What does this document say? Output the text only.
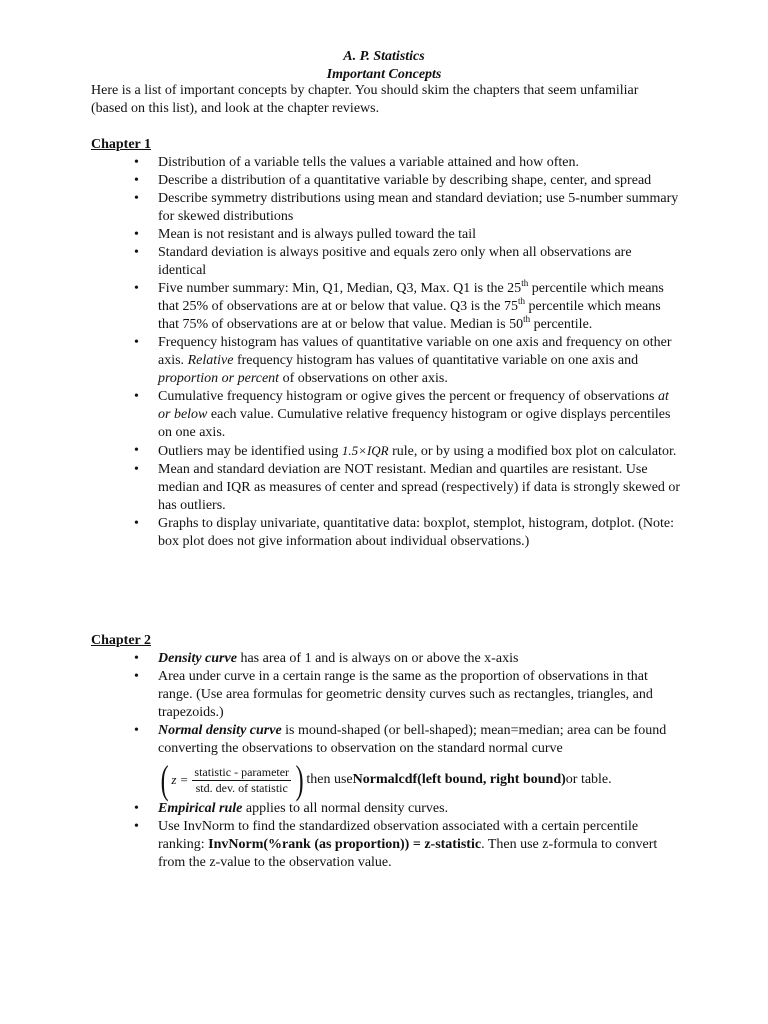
A. P. Statistics
Important Concepts
Here is a list of important concepts by chapter. You should skim the chapters that seem unfamiliar (based on this list), and look at the chapter reviews.
Chapter 1
• Distribution of a variable tells the values a variable attained and how often.
• Describe a distribution of a quantitative variable by describing shape, center, and spread
• Describe symmetry distributions using mean and standard deviation; use 5-number summary for skewed distributions
• Mean is not resistant and is always pulled toward the tail
• Standard deviation is always positive and equals zero only when all observations are identical
• Five number summary: Min, Q1, Median, Q3, Max. Q1 is the 25th percentile which means that 25% of observations are at or below that value. Q3 is the 75th percentile which means that 75% of observations are at or below that value. Median is 50th percentile.
• Frequency histogram has values of quantitative variable on one axis and frequency on other axis. Relative frequency histogram has values of quantitative variable on one axis and proportion or percent of observations on other axis.
• Cumulative frequency histogram or ogive gives the percent or frequency of observations at or below each value. Cumulative relative frequency histogram or ogive displays percentiles on one axis.
• Outliers may be identified using 1.5×IQR rule, or by using a modified box plot on calculator.
• Mean and standard deviation are NOT resistant. Median and quartiles are resistant. Use median and IQR as measures of center and spread (respectively) if data is strongly skewed or has outliers.
• Graphs to display univariate, quantitative data: boxplot, stemplot, histogram, dotplot. (Note: box plot does not give information about individual observations.)
Chapter 2
• Density curve has area of 1 and is always on or above the x-axis
• Area under curve in a certain range is the same as the proportion of observations in that range. (Use area formulas for geometric density curves such as rectangles, triangles, and trapezoids.)
• Normal density curve is mound-shaped (or bell-shaped); mean=median; area can be found converting the observations to observation on the standard normal curve
( $z = \frac{\text{statistic - parameter}}{\text{std. dev. of statistic}}$ ) then use Normalcdf(left bound, right bound) or table.
• Empirical rule applies to all normal density curves.
• Use InvNorm to find the standardized observation associated with a certain percentile ranking: InvNorm(%rank (as proportion)) = z-statistic. Then use z-formula to convert from the z-value to the observation value.
